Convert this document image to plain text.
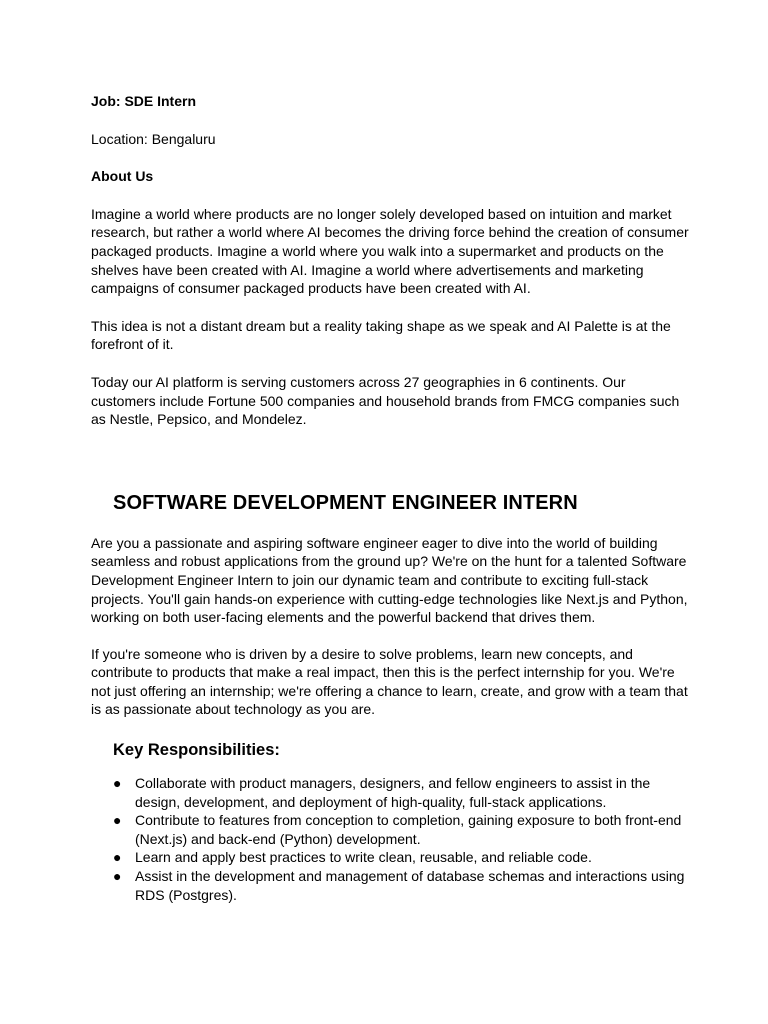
Job: SDE Intern

Location: Bengaluru

About Us

Imagine a world where products are no longer solely developed based on intuition and market research, but rather a world where AI becomes the driving force behind the creation of consumer packaged products. Imagine a world where you walk into a supermarket and products on the shelves have been created with AI. Imagine a world where advertisements and marketing campaigns of consumer packaged products have been created with AI.

This idea is not a distant dream but a reality taking shape as we speak and AI Palette is at the forefront of it.

Today our AI platform is serving customers across 27 geographies in 6 continents. Our customers include Fortune 500 companies and household brands from FMCG companies such as Nestle, Pepsico, and Mondelez.

SOFTWARE DEVELOPMENT ENGINEER INTERN

Are you a passionate and aspiring software engineer eager to dive into the world of building seamless and robust applications from the ground up? We're on the hunt for a talented Software Development Engineer Intern to join our dynamic team and contribute to exciting full-stack projects. You'll gain hands-on experience with cutting-edge technologies like Next.js and Python, working on both user-facing elements and the powerful backend that drives them.

If you're someone who is driven by a desire to solve problems, learn new concepts, and contribute to products that make a real impact, then this is the perfect internship for you. We're not just offering an internship; we're offering a chance to learn, create, and grow with a team that is as passionate about technology as you are.

Key Responsibilities:
● Collaborate with product managers, designers, and fellow engineers to assist in the design, development, and deployment of high-quality, full-stack applications.
● Contribute to features from conception to completion, gaining exposure to both front-end (Next.js) and back-end (Python) development.
● Learn and apply best practices to write clean, reusable, and reliable code.
● Assist in the development and management of database schemas and interactions using RDS (Postgres).
